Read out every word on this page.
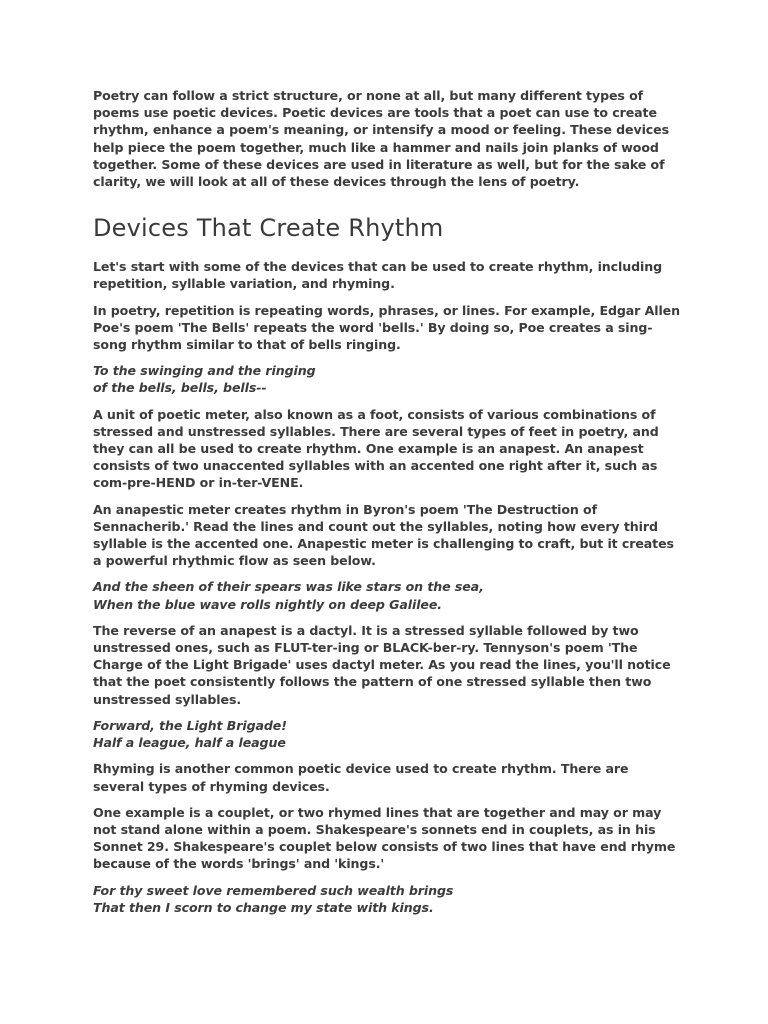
Poetry can follow a strict structure, or none at all, but many different types of poems use poetic devices. Poetic devices are tools that a poet can use to create rhythm, enhance a poem's meaning, or intensify a mood or feeling. These devices help piece the poem together, much like a hammer and nails join planks of wood together. Some of these devices are used in literature as well, but for the sake of clarity, we will look at all of these devices through the lens of poetry.

Devices That Create Rhythm

Let's start with some of the devices that can be used to create rhythm, including repetition, syllable variation, and rhyming.

In poetry, repetition is repeating words, phrases, or lines. For example, Edgar Allen Poe's poem 'The Bells' repeats the word 'bells.' By doing so, Poe creates a sing-song rhythm similar to that of bells ringing.

To the swinging and the ringing
of the bells, bells, bells--

A unit of poetic meter, also known as a foot, consists of various combinations of stressed and unstressed syllables. There are several types of feet in poetry, and they can all be used to create rhythm. One example is an anapest. An anapest consists of two unaccented syllables with an accented one right after it, such as com-pre-HEND or in-ter-VENE.

An anapestic meter creates rhythm in Byron's poem 'The Destruction of Sennacherib.' Read the lines and count out the syllables, noting how every third syllable is the accented one. Anapestic meter is challenging to craft, but it creates a powerful rhythmic flow as seen below.

And the sheen of their spears was like stars on the sea,
When the blue wave rolls nightly on deep Galilee.

The reverse of an anapest is a dactyl. It is a stressed syllable followed by two unstressed ones, such as FLUT-ter-ing or BLACK-ber-ry. Tennyson's poem 'The Charge of the Light Brigade' uses dactyl meter. As you read the lines, you'll notice that the poet consistently follows the pattern of one stressed syllable then two unstressed syllables.

Forward, the Light Brigade!
Half a league, half a league

Rhyming is another common poetic device used to create rhythm. There are several types of rhyming devices.

One example is a couplet, or two rhymed lines that are together and may or may not stand alone within a poem. Shakespeare's sonnets end in couplets, as in his Sonnet 29. Shakespeare's couplet below consists of two lines that have end rhyme because of the words 'brings' and 'kings.'

For thy sweet love remembered such wealth brings
That then I scorn to change my state with kings.
